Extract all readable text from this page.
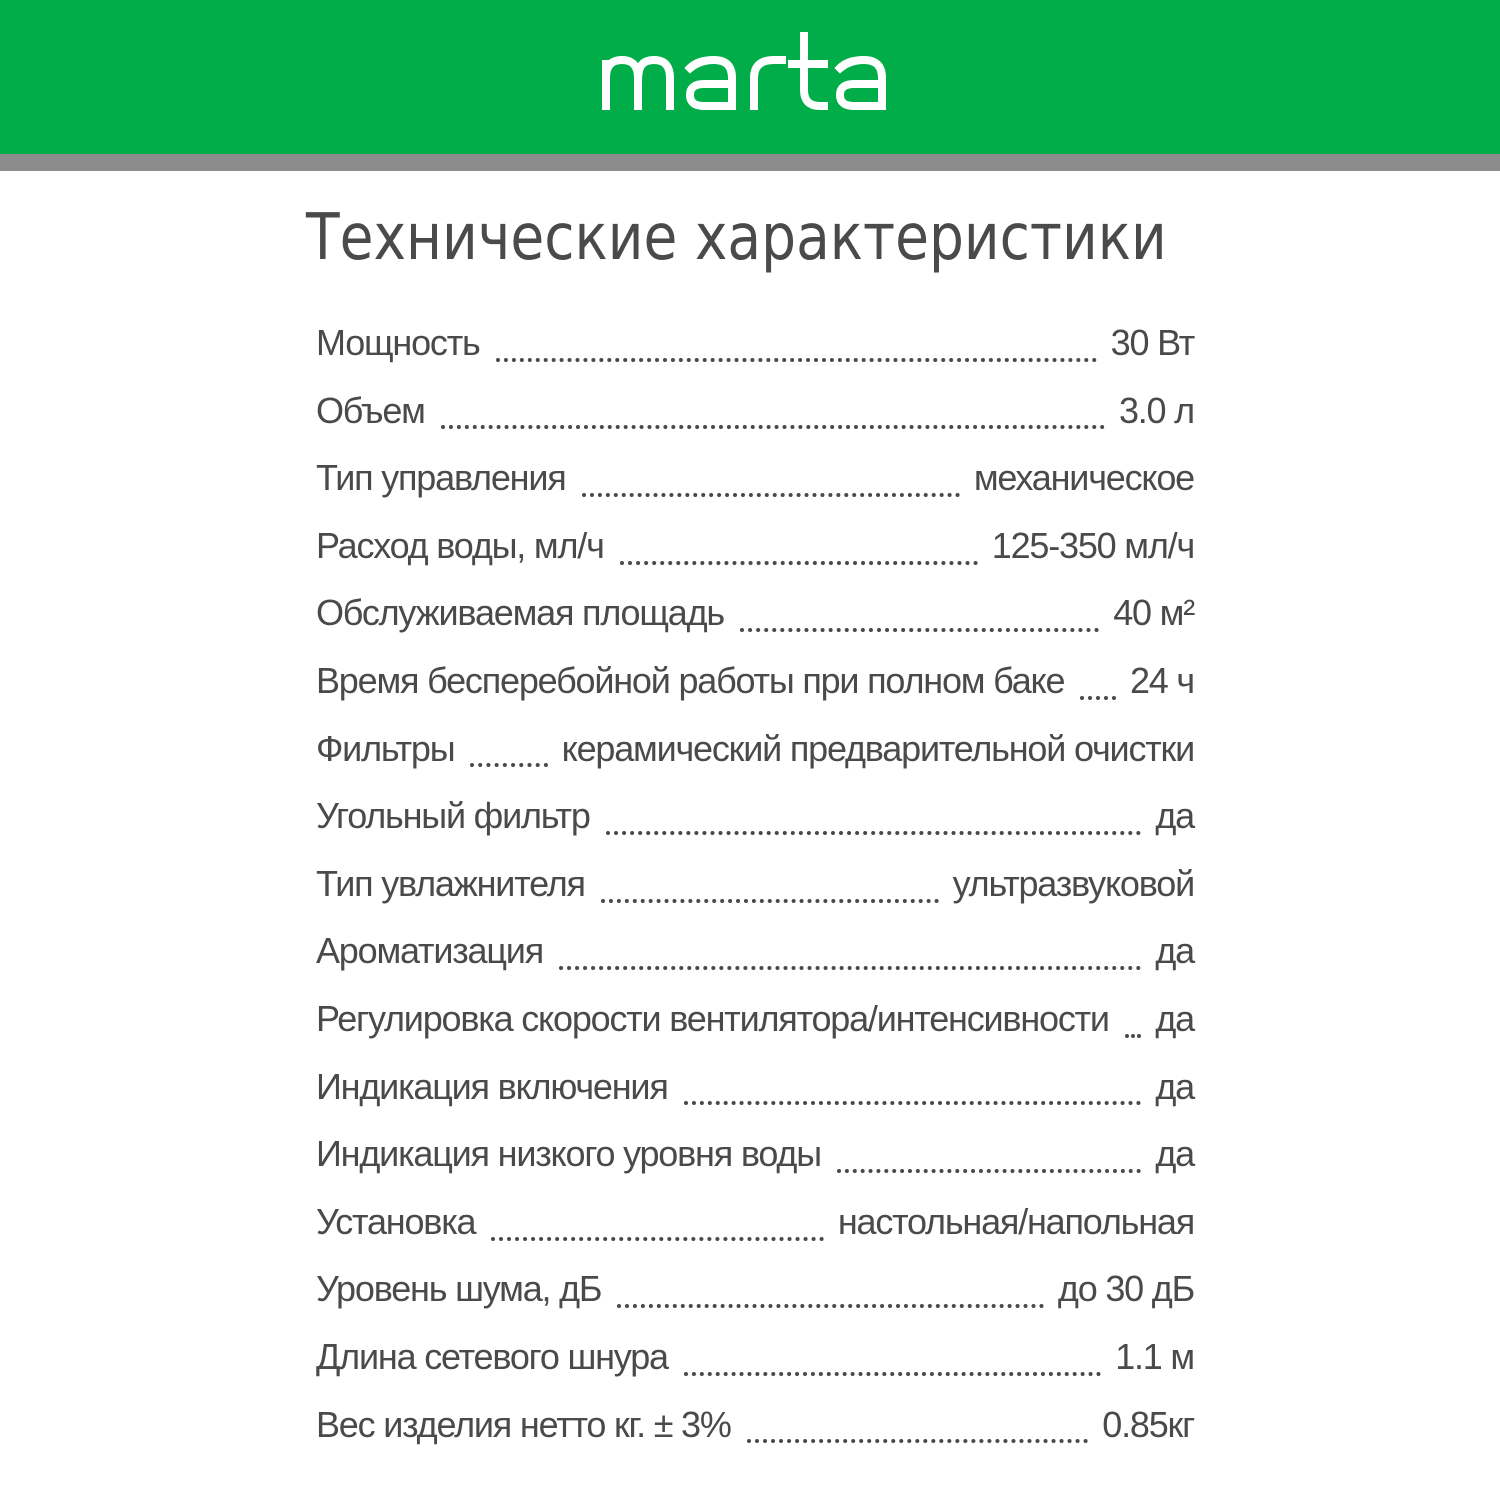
Технические характеристики
Мощность	30 Вт
Объем	3.0 л
Тип управления	механическое
Расход воды, мл/ч	125-350 мл/ч
Обслуживаемая площадь	40 м²
Время бесперебойной работы при полном баке 24 ч
Фильтры	керамический предварительной очистки
Угольный фильтр	да
Тип увлажнителя	ультразвуковой
Ароматизация	да
Регулировка скорости вентилятора/интенсивности да
Индикация включения	да
Индикация низкого уровня воды	да
Установка	настольная/напольная
Уровень шума, дБ	до 30 дБ
Длина сетевого шнура	1.1 м
Вес изделия нетто кг. ± 3%	0.85кг
